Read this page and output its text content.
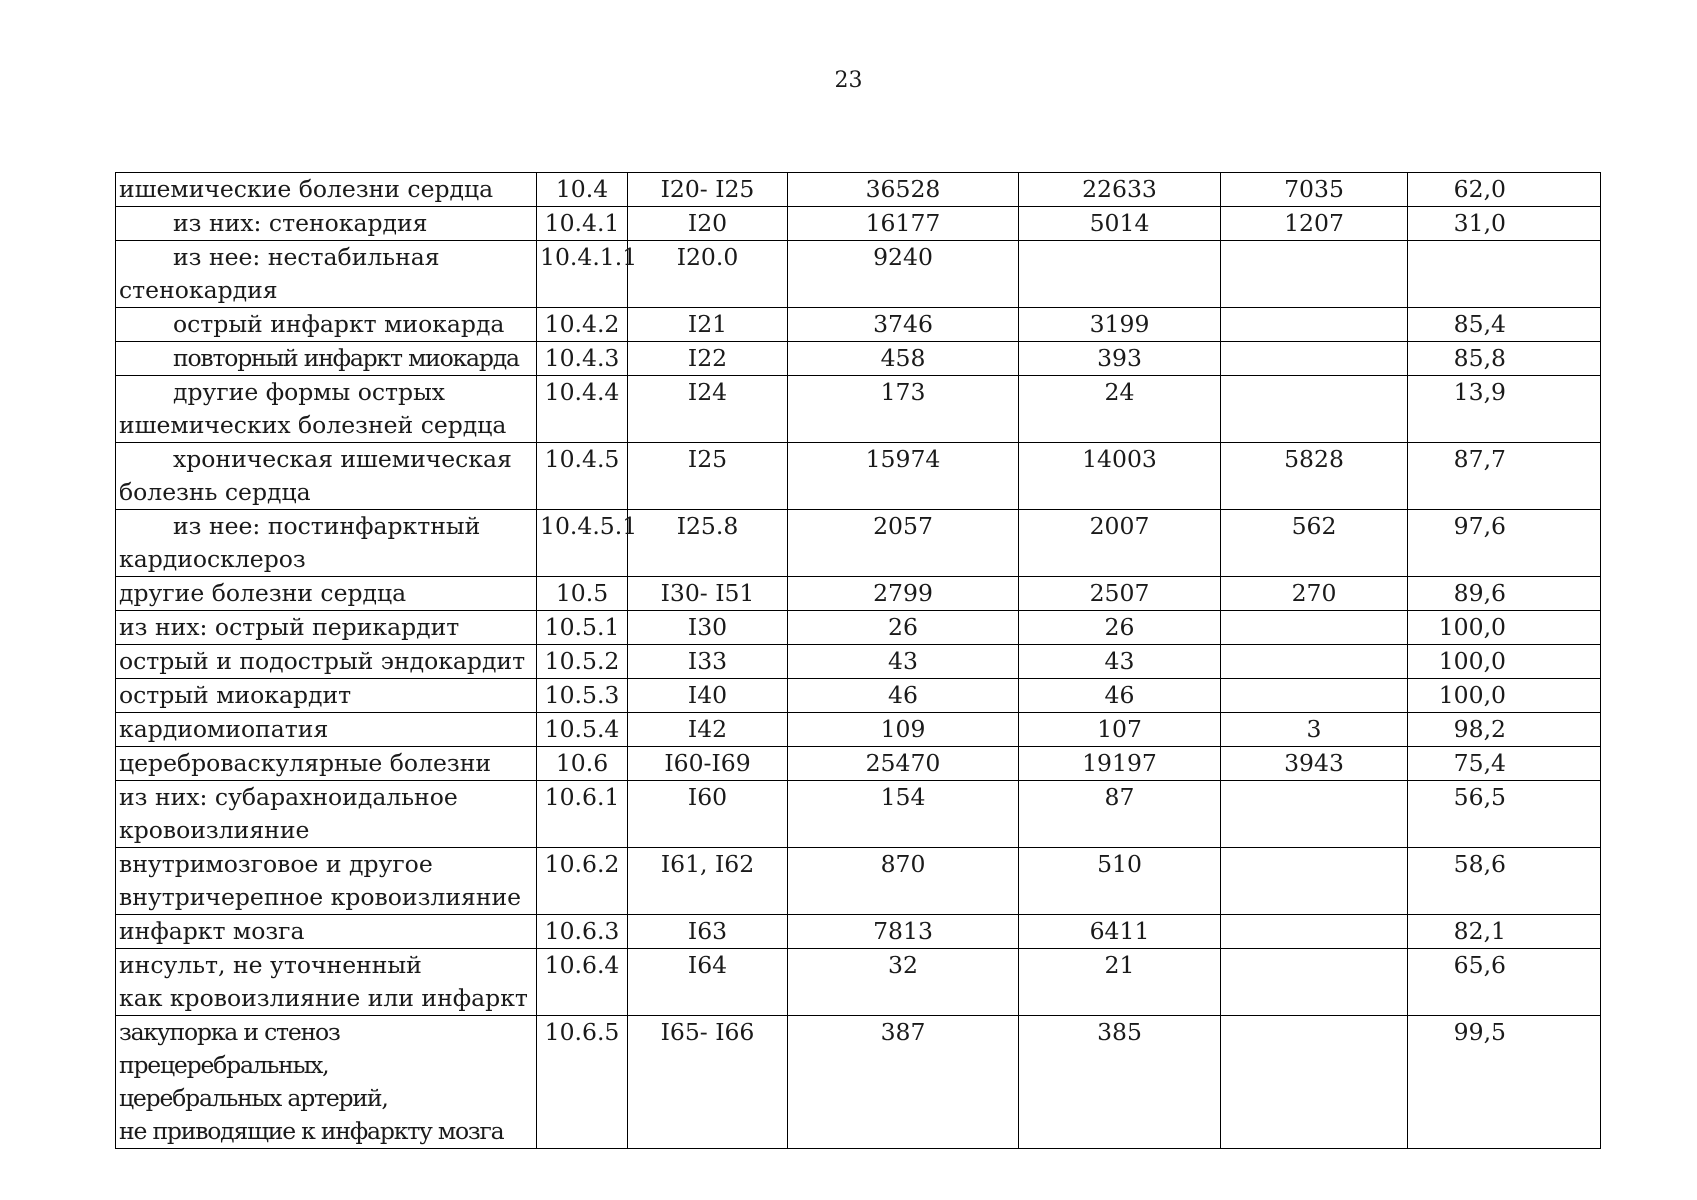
23
ишемические болезни сердца	10.4	I20- I25	36528	22633	7035	62,0
из них: стенокардия	10.4.1	I20	16177	5014	1207	31,0
из нее: нестабильная
стенокардия	10.4.1.1	I20.0	9240			
острый инфаркт миокарда	10.4.2	I21	3746	3199		85,4
повторный инфаркт миокарда	10.4.3	I22	458	393		85,8
другие формы острых
ишемических болезней сердца	10.4.4	I24	173	24		13,9
хроническая ишемическая
болезнь сердца	10.4.5	I25	15974	14003	5828	87,7
из нее: постинфарктный
кардиосклероз	10.4.5.1	I25.8	2057	2007	562	97,6
другие болезни сердца	10.5	I30- I51	2799	2507	270	89,6
из них: острый перикардит	10.5.1	I30	26	26		100,0
острый и подострый эндокардит	10.5.2	I33	43	43		100,0
острый миокардит	10.5.3	I40	46	46		100,0
кардиомиопатия	10.5.4	I42	109	107	3	98,2
цереброваскулярные болезни	10.6	I60-I69	25470	19197	3943	75,4
из них: субарахноидальное
кровоизлияние	10.6.1	I60	154	87		56,5
внутримозговое и другое
внутричерепное кровоизлияние	10.6.2	I61, I62	870	510		58,6
инфаркт мозга	10.6.3	I63	7813	6411		82,1
инсульт, не уточненный
как кровоизлияние или инфаркт	10.6.4	I64	32	21		65,6
закупорка и стеноз прецеребральных,
церебральных артерий,
не приводящие к инфаркту мозга	10.6.5	I65- I66	387	385		99,5
